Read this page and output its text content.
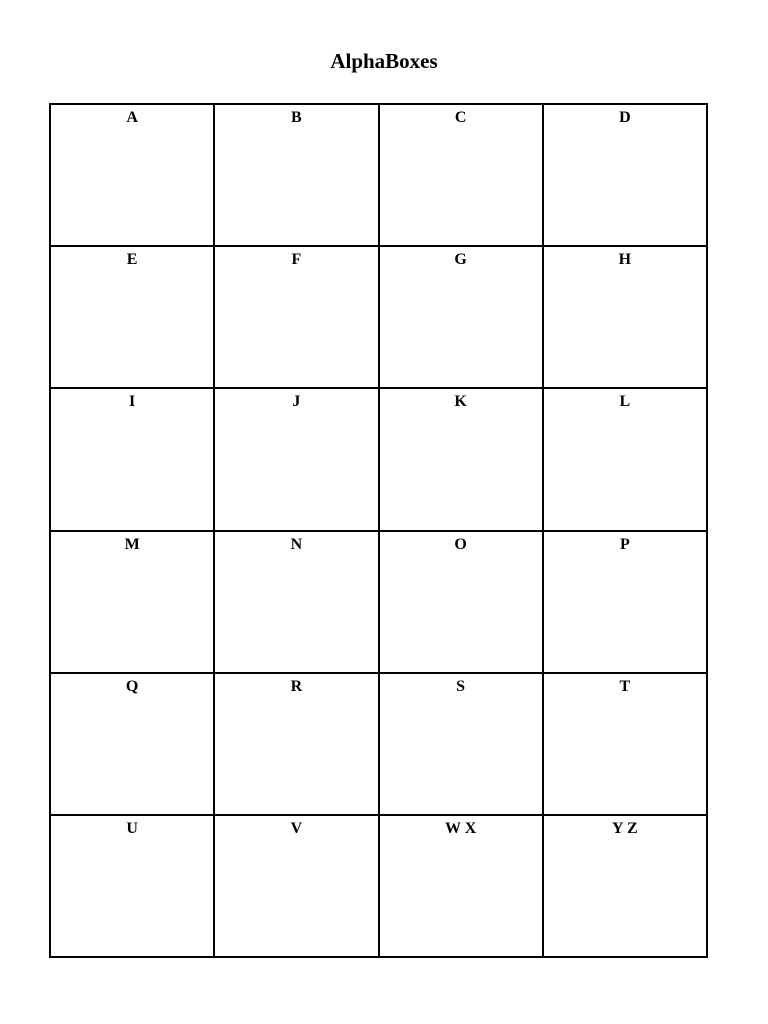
AlphaBoxes
A	B	C	D
E	F	G	H
I	J	K	L
M	N	O	P
Q	R	S	T
U	V	W X	Y Z
